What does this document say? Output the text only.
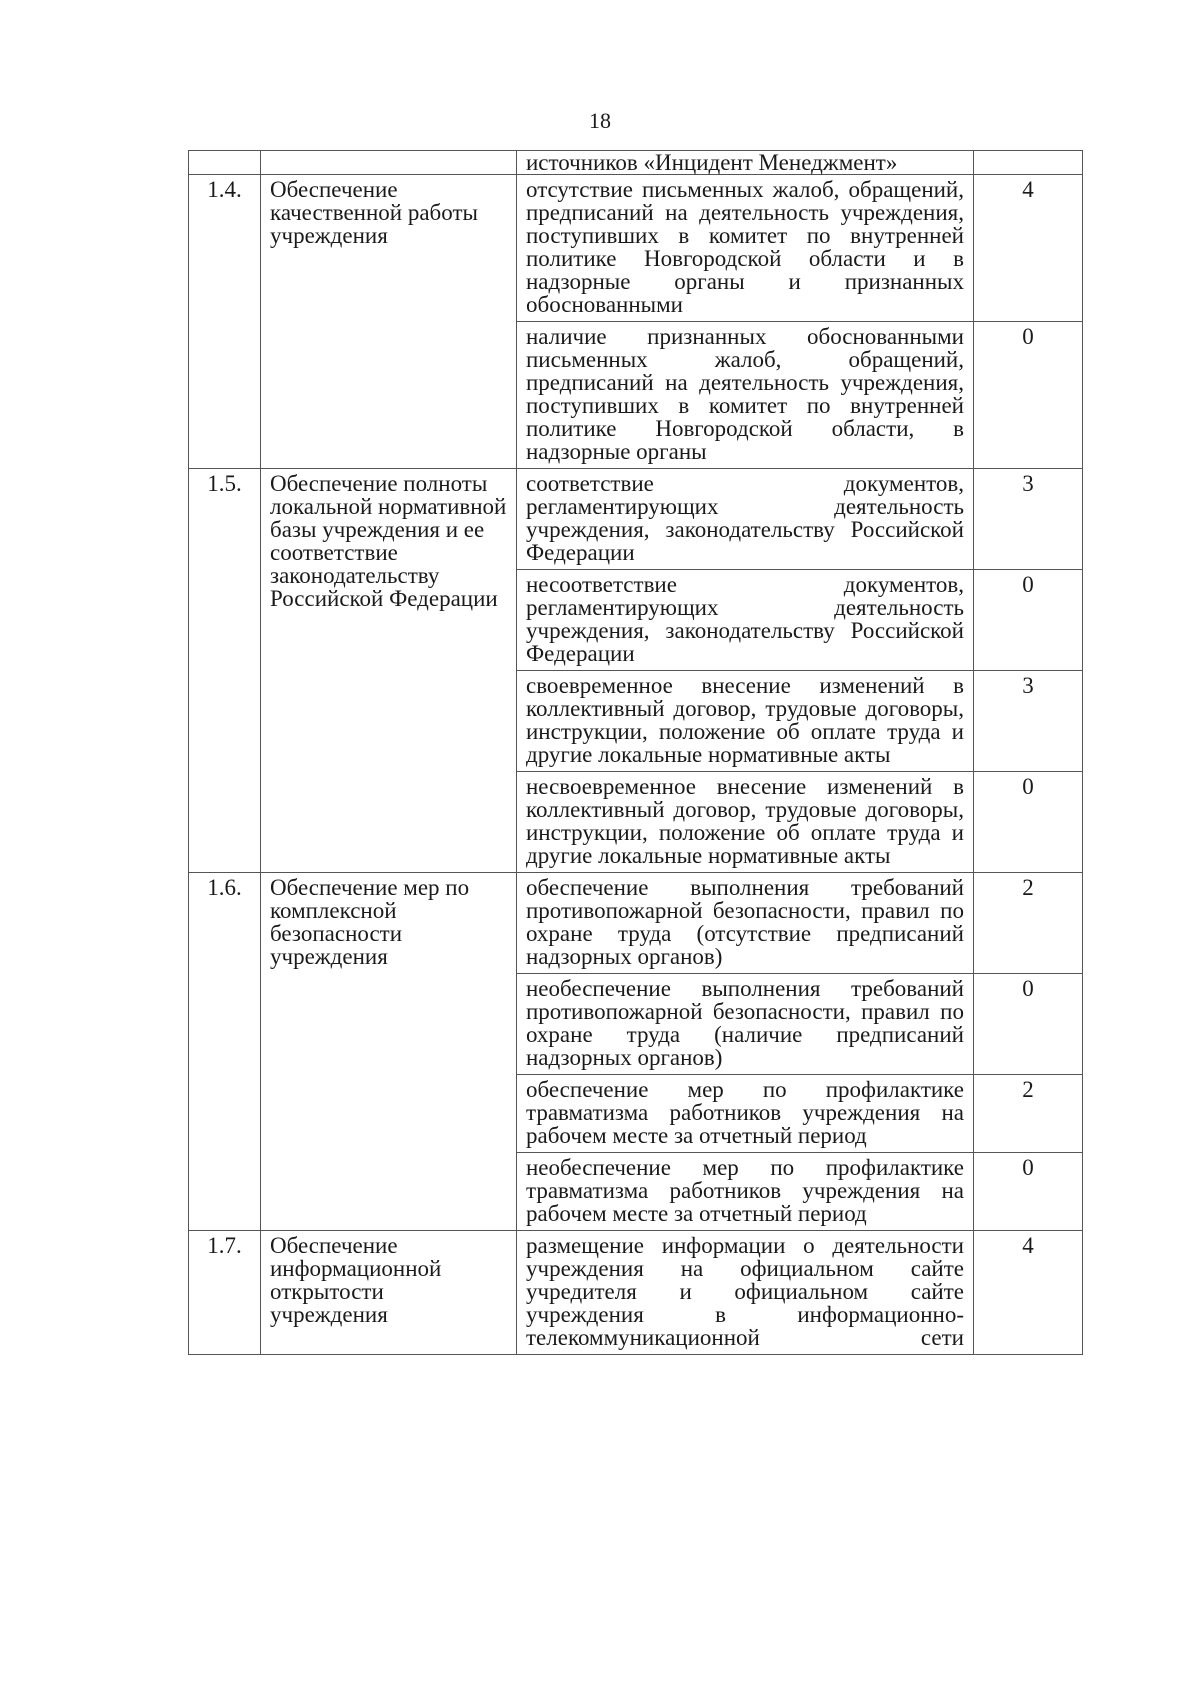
18
		источников «Инцидент Менеджмент»	
1.4.	Обеспечение качественной работы учреждения	отсутствие письменных жалоб, обращений, предписаний на деятельность учреждения, поступивших в комитет по внутренней политике Новгородской области и в надзорные органы и признанных обоснованными	4
		наличие признанных обоснованными письменных жалоб, обращений, предписаний на деятельность учреждения, поступивших в комитет по внутренней политике Новгородской области, в надзорные органы	0
1.5.	Обеспечение полноты локальной нормативной базы учреждения и ее соответствие законодательству Российской Федерации	соответствие документов, регламентирующих деятельность учреждения, законодательству Российской Федерации	3
		несоответствие документов, регламентирующих деятельность учреждения, законодательству Российской Федерации	0
		своевременное внесение изменений в коллективный договор, трудовые договоры, инструкции, положение об оплате труда и другие локальные нормативные акты	3
		несвоевременное внесение изменений в коллективный договор, трудовые договоры, инструкции, положение об оплате труда и другие локальные нормативные акты	0
1.6.	Обеспечение мер по комплексной безопасности учреждения	обеспечение выполнения требований противопожарной безопасности, правил по охране труда (отсутствие предписаний надзорных органов)	2
		необеспечение выполнения требований противопожарной безопасности, правил по охране труда (наличие предписаний надзорных органов)	0
		обеспечение мер по профилактике травматизма работников учреждения на рабочем месте за отчетный период	2
		необеспечение мер по профилактике травматизма работников учреждения на рабочем месте за отчетный период	0
1.7.	Обеспечение информационной открытости учреждения	размещение информации о деятельности учреждения на официальном сайте учредителя и официальном сайте учреждения в информационно-телекоммуникационной сети	4
